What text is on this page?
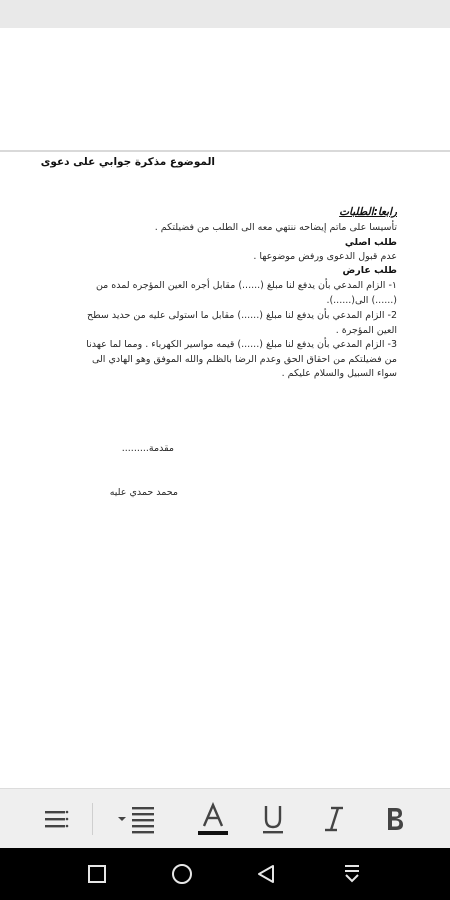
الموضوع مذكرة جوابي على دعوى
رابعا:الطلبات
تأسيسا على ماتم إيضاحه ننتهي معه الى الطلب من فضيلتكم .
طلب اصلي
عدم قبول الدعوى ورفض موضوعها .
طلب عارض
١- الزام المدعي بأن يدفع لنا مبلغ (......) مقابل أجره العين المؤجره لمده من
(......) الى(......).
2- الزام المدعي بأن يدفع لنا مبلغ (......) مقابل ما استولى عليه من حديد سطح
العين المؤجرة .
3- الزام المدعي بأن يدفع لنا مبلغ (......) قيمه مواسير الكهرباء . ومما لما عهدنا
من فضيلتكم من احقاق الحق وعدم الرضا بالظلم والله الموفق وهو الهادي الى
سواء السبيل والسلام عليكم .
مقدمة.........
محمد حمدي عليه
